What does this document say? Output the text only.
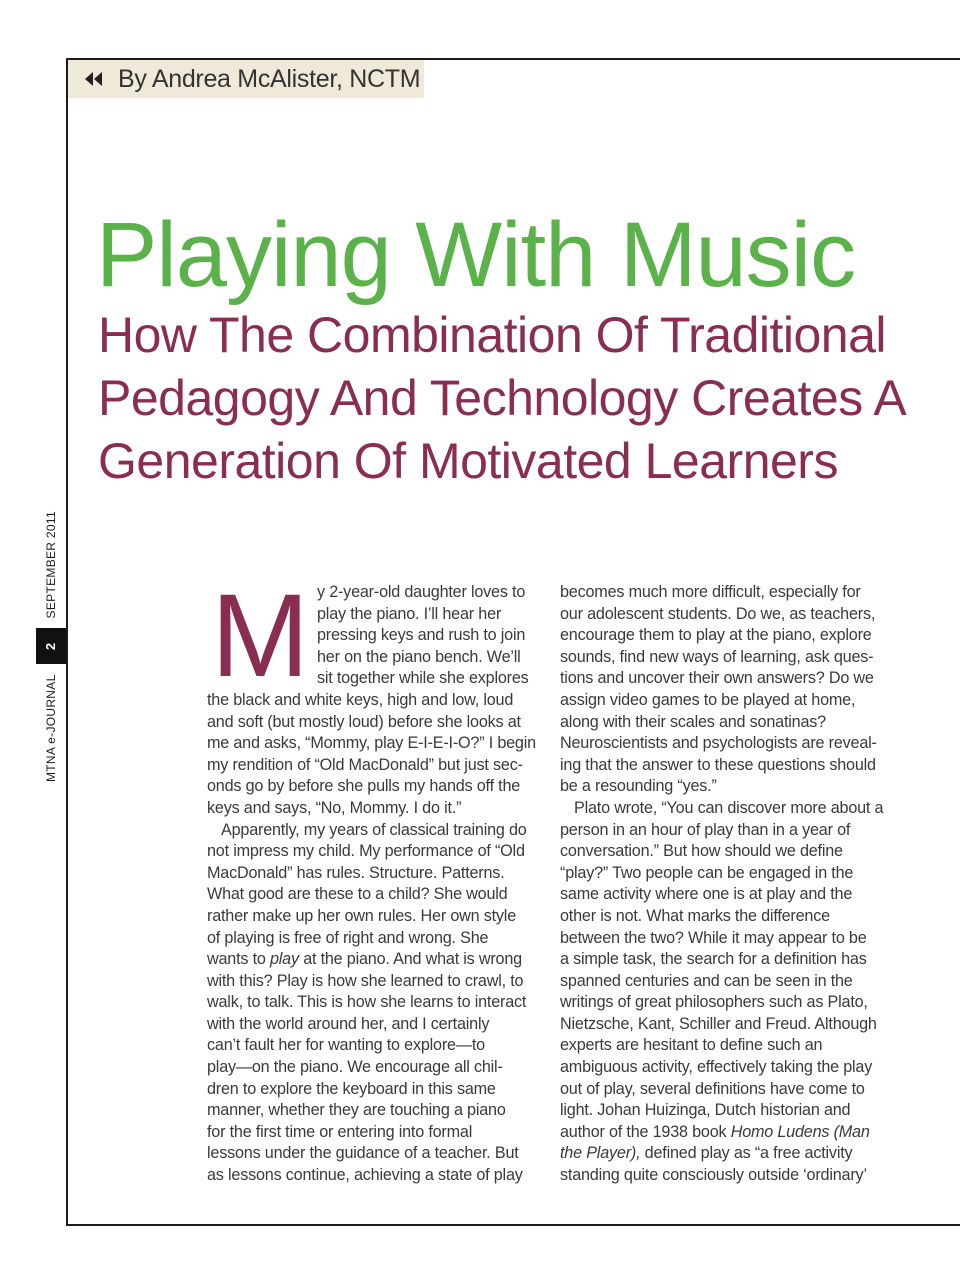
By Andrea McAlister, NCTM
MTNA e-JOURNAL
2
SEPTEMBER 2011
Playing With Music
How The Combination Of Traditional
Pedagogy And Technology Creates A
Generation Of Motivated Learners
M y 2-year-old daughter loves to
play the piano. I’ll hear her
pressing keys and rush to join
her on the piano bench. We’ll
sit together while she explores
the black and white keys, high and low, loud
and soft (but mostly loud) before she looks at
me and asks, “Mommy, play E-I-E-I-O?” I begin
my rendition of “Old MacDonald” but just sec-
onds go by before she pulls my hands off the
keys and says, “No, Mommy. I do it.”
Apparently, my years of classical training do
not impress my child. My performance of “Old
MacDonald” has rules. Structure. Patterns.
What good are these to a child? She would
rather make up her own rules. Her own style
of playing is free of right and wrong. She
wants to play at the piano. And what is wrong
with this? Play is how she learned to crawl, to
walk, to talk. This is how she learns to interact
with the world around her, and I certainly
can’t fault her for wanting to explore—to
play—on the piano. We encourage all chil-
dren to explore the keyboard in this same
manner, whether they are touching a piano
for the first time or entering into formal
lessons under the guidance of a teacher. But
as lessons continue, achieving a state of play
becomes much more difficult, especially for
our adolescent students. Do we, as teachers,
encourage them to play at the piano, explore
sounds, find new ways of learning, ask ques-
tions and uncover their own answers? Do we
assign video games to be played at home,
along with their scales and sonatinas?
Neuroscientists and psychologists are reveal-
ing that the answer to these questions should
be a resounding “yes.”
Plato wrote, “You can discover more about a
person in an hour of play than in a year of
conversation.” But how should we define
“play?” Two people can be engaged in the
same activity where one is at play and the
other is not. What marks the difference
between the two? While it may appear to be
a simple task, the search for a definition has
spanned centuries and can be seen in the
writings of great philosophers such as Plato,
Nietzsche, Kant, Schiller and Freud. Although
experts are hesitant to define such an
ambiguous activity, effectively taking the play
out of play, several definitions have come to
light. Johan Huizinga, Dutch historian and
author of the 1938 book Homo Ludens (Man
the Player), defined play as “a free activity
standing quite consciously outside ‘ordinary’
